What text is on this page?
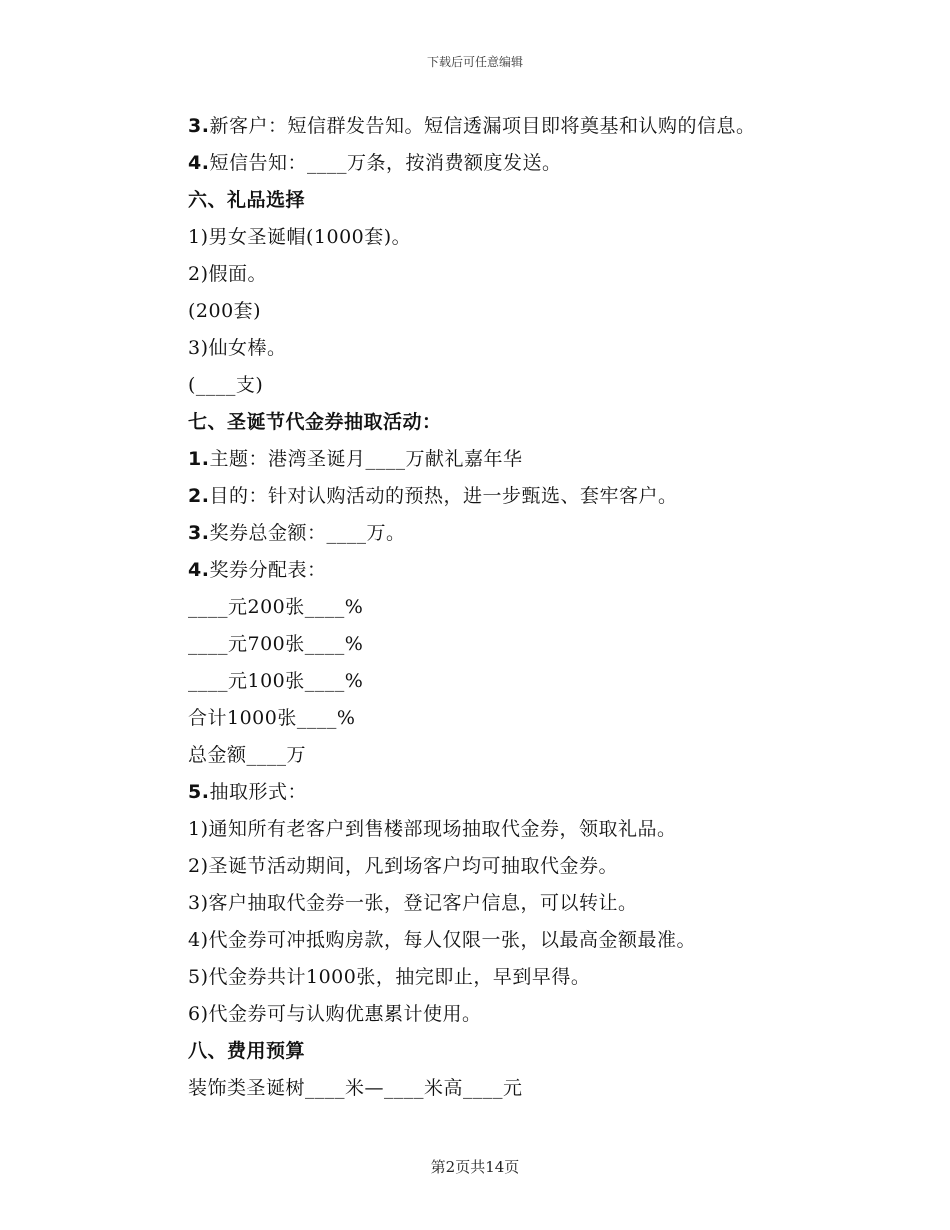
下载后可任意编辑
3.新客户：短信群发告知。短信透漏项目即将奠基和认购的信息。
4.短信告知：____万条，按消费额度发送。
六、礼品选择
1)男女圣诞帽(1000套)。
2)假面。
(200套)
3)仙女棒。
(____支)
七、圣诞节代金券抽取活动：
1.主题：港湾圣诞月____万献礼嘉年华
2.目的：针对认购活动的预热，进一步甄选、套牢客户。
3.奖券总金额：____万。
4.奖券分配表：
____元200张____%
____元700张____%
____元100张____%
合计1000张____%
总金额____万
5.抽取形式：
1)通知所有老客户到售楼部现场抽取代金券，领取礼品。
2)圣诞节活动期间，凡到场客户均可抽取代金券。
3)客户抽取代金券一张，登记客户信息，可以转让。
4)代金券可冲抵购房款，每人仅限一张，以最高金额最准。
5)代金券共计1000张，抽完即止，早到早得。
6)代金券可与认购优惠累计使用。
八、费用预算
装饰类圣诞树____米—____米高____元
第2页共14页
